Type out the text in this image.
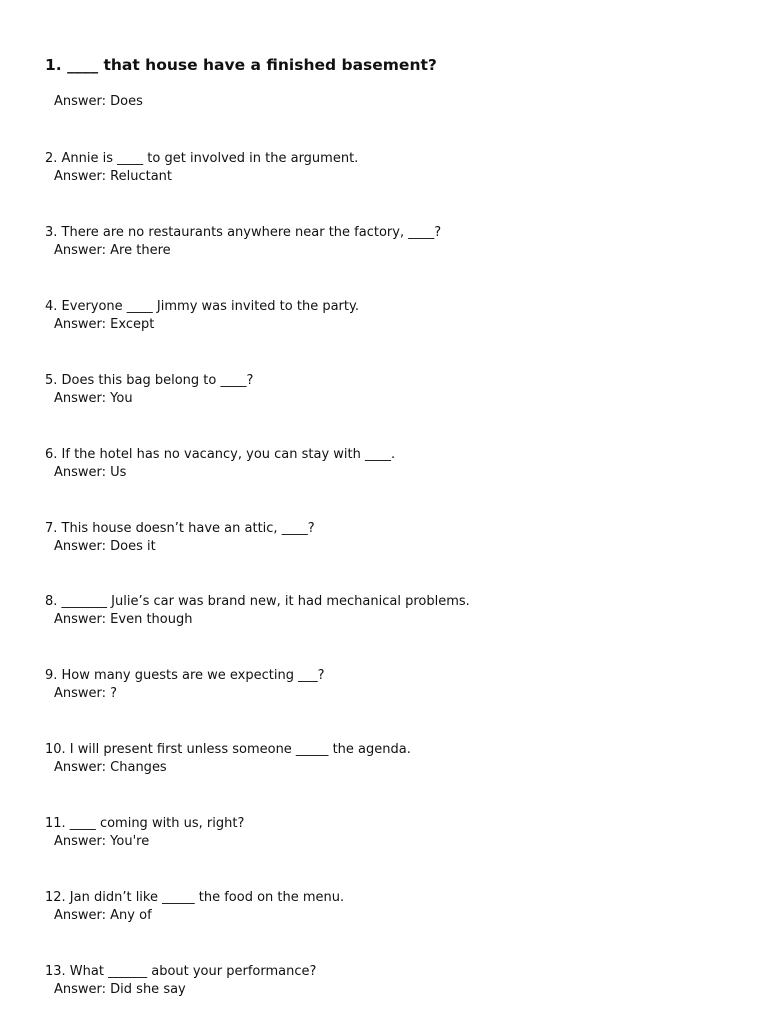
1. ____ that house have a finished basement?
Answer: Does
2. Annie is ____ to get involved in the argument.
Answer: Reluctant
3. There are no restaurants anywhere near the factory, ____?
Answer: Are there
4. Everyone ____ Jimmy was invited to the party.
Answer: Except
5. Does this bag belong to ____?
Answer: You
6. If the hotel has no vacancy, you can stay with ____.
Answer: Us
7. This house doesn’t have an attic, ____?
Answer: Does it
8. _______ Julie’s car was brand new, it had mechanical problems.
Answer: Even though
9. How many guests are we expecting ___?
Answer: ?
10. I will present first unless someone _____ the agenda.
Answer: Changes
11. ____ coming with us, right?
Answer: You're
12. Jan didn’t like _____ the food on the menu.
Answer: Any of
13. What ______ about your performance?
Answer: Did she say
